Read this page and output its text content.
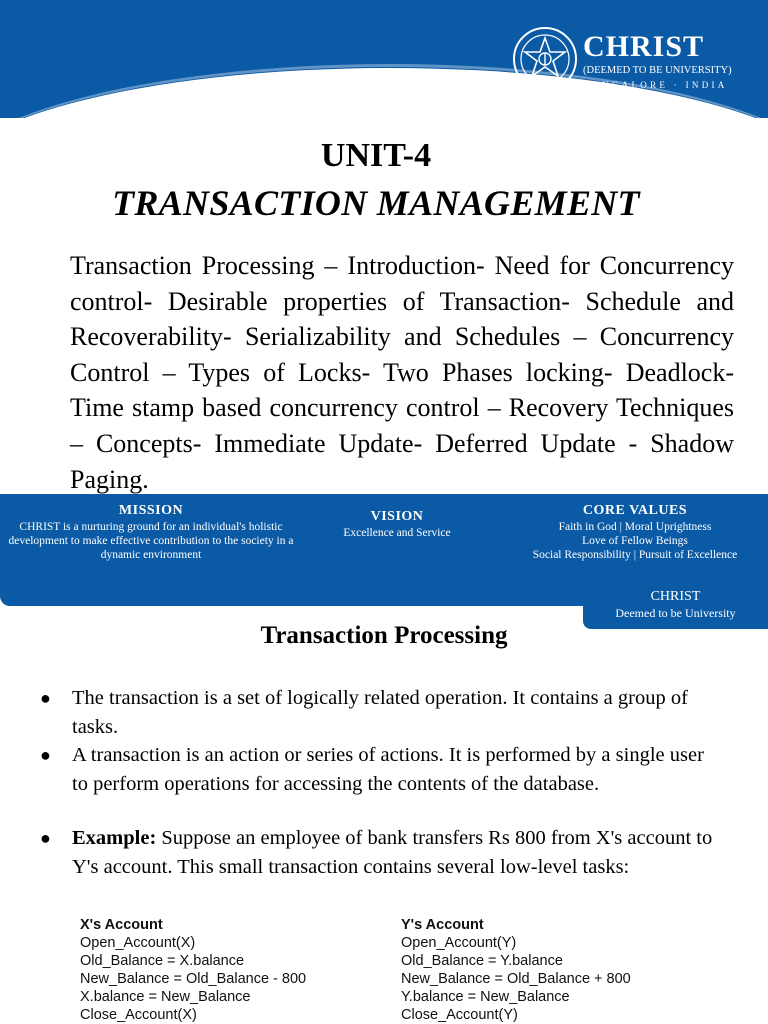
CHRIST
(DEEMED TO BE UNIVERSITY)
BANGALORE · INDIA
UNIT-4
TRANSACTION MANAGEMENT
Transaction Processing – Introduction- Need for Concurrency control- Desirable properties of Transaction- Schedule and Recoverability- Serializability and Schedules – Concurrency Control – Types of Locks- Two Phases locking- Deadlock- Time stamp based concurrency control – Recovery Techniques – Concepts- Immediate Update- Deferred Update - Shadow Paging.
MISSION
CHRIST is a nurturing ground for an individual's holistic development to make effective contribution to the society in a dynamic environment
VISION
Excellence and Service
CORE VALUES
Faith in God | Moral Uprightness
Love of Fellow Beings
Social Responsibility | Pursuit of Excellence
CHRIST
Deemed to be University
Transaction Processing
● The transaction is a set of logically related operation. It contains a group of tasks.
● A transaction is an action or series of actions. It is performed by a single user to perform operations for accessing the contents of the database.
● Example: Suppose an employee of bank transfers Rs 800 from X's account to Y's account. This small transaction contains several low-level tasks:
X's Account
Open_Account(X)
Old_Balance = X.balance
New_Balance = Old_Balance - 800
X.balance = New_Balance
Close_Account(X)
Y's Account
Open_Account(Y)
Old_Balance = Y.balance
New_Balance = Old_Balance + 800
Y.balance = New_Balance
Close_Account(Y)
